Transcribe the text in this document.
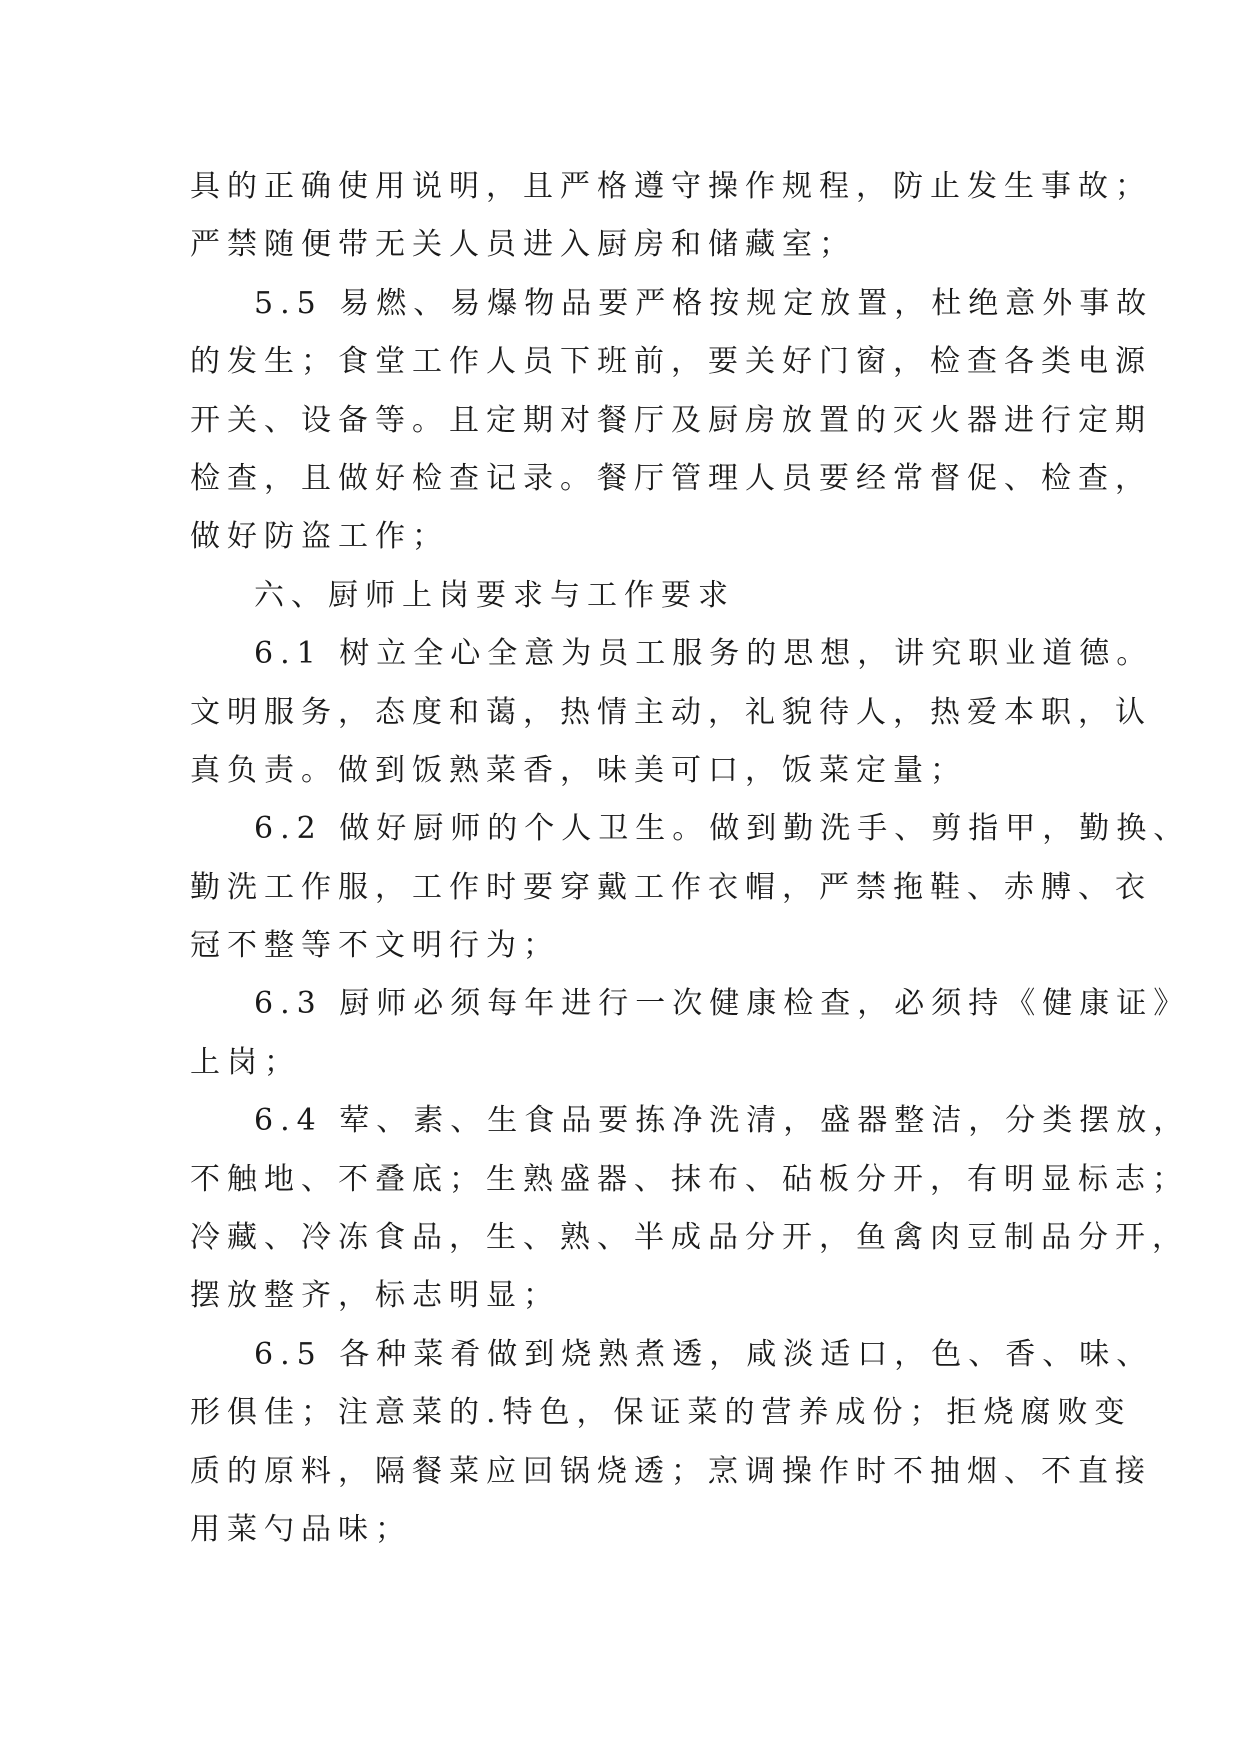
具的正确使用说明，且严格遵守操作规程，防止发生事故；
严禁随便带无关人员进入厨房和储藏室；
5.5 易燃、易爆物品要严格按规定放置，杜绝意外事故
的发生；食堂工作人员下班前，要关好门窗，检查各类电源
开关、设备等。且定期对餐厅及厨房放置的灭火器进行定期
检查，且做好检查记录。餐厅管理人员要经常督促、检查，
做好防盗工作；
六、厨师上岗要求与工作要求
6.1 树立全心全意为员工服务的思想，讲究职业道德。
文明服务，态度和蔼，热情主动，礼貌待人，热爱本职，认
真负责。做到饭熟菜香，味美可口，饭菜定量；
6.2 做好厨师的个人卫生。做到勤洗手、剪指甲，勤换、
勤洗工作服，工作时要穿戴工作衣帽，严禁拖鞋、赤膊、衣
冠不整等不文明行为；
6.3 厨师必须每年进行一次健康检查，必须持《健康证》
上岗；
6.4 荤、素、生食品要拣净洗清，盛器整洁，分类摆放，
不触地、不叠底；生熟盛器、抹布、砧板分开，有明显标志；
冷藏、冷冻食品，生、熟、半成品分开，鱼禽肉豆制品分开，
摆放整齐，标志明显；
6.5 各种菜肴做到烧熟煮透，咸淡适口，色、香、味、
形俱佳；注意菜的.特色，保证菜的营养成份；拒烧腐败变
质的原料，隔餐菜应回锅烧透；烹调操作时不抽烟、不直接
用菜勺品味；
